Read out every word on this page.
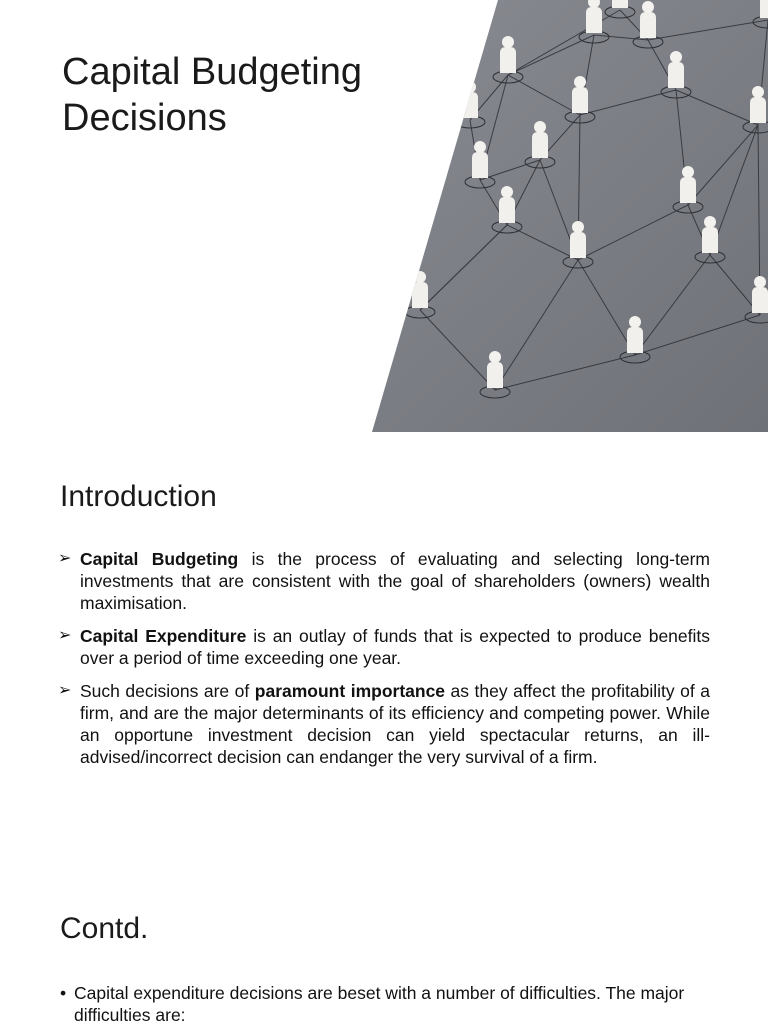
Capital Budgeting Decisions
Introduction
➢ Capital Budgeting is the process of evaluating and selecting long-term investments that are consistent with the goal of shareholders (owners) wealth maximisation.
➢ Capital Expenditure is an outlay of funds that is expected to produce benefits over a period of time exceeding one year.
➢ Such decisions are of paramount importance as they affect the profitability of a firm, and are the major determinants of its efficiency and competing power. While an opportune investment decision can yield spectacular returns, an ill-advised/incorrect decision can endanger the very survival of a firm.
Contd.
• Capital expenditure decisions are beset with a number of difficulties. The major difficulties are:
